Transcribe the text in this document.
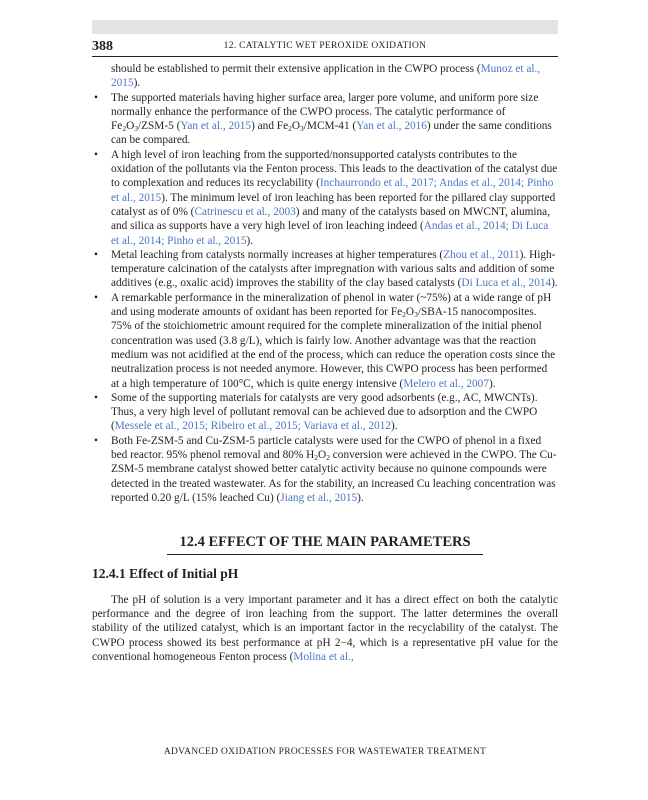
388	12. CATALYTIC WET PEROXIDE OXIDATION

should be established to permit their extensive application in the CWPO process (Munoz et al., 2015).

• The supported materials having higher surface area, larger pore volume, and uniform pore size normally enhance the performance of the CWPO process. The catalytic performance of $Fe_2O_3/ZSM-5$ (Yan et al., 2015) and $Fe_2O_3/MCM-41$ (Yan et al., 2016) under the same conditions can be compared.
• A high level of iron leaching from the supported/nonsupported catalysts contributes to the oxidation of the pollutants via the Fenton process. This leads to the deactivation of the catalyst due to complexation and reduces its recyclability (Inchaurrondo et al., 2017; Andas et al., 2014; Pinho et al., 2015). The minimum level of iron leaching has been reported for the pillared clay supported catalyst as of 0% (Catrinescu et al., 2003) and many of the catalysts based on MWCNT, alumina, and silica as supports have a very high level of iron leaching indeed (Andas et al., 2014; Di Luca et al., 2014; Pinho et al., 2015).
• Metal leaching from catalysts normally increases at higher temperatures (Zhou et al., 2011). High-temperature calcination of the catalysts after impregnation with various salts and addition of some additives (e.g., oxalic acid) improves the stability of the clay based catalysts (Di Luca et al., 2014).
• A remarkable performance in the mineralization of phenol in water (~75%) at a wide range of pH and using moderate amounts of oxidant has been reported for $Fe_2O_3/SBA-15$ nanocomposites. 75% of the stoichiometric amount required for the complete mineralization of the initial phenol concentration was used (3.8 g/L), which is fairly low. Another advantage was that the reaction medium was not acidified at the end of the process, which can reduce the operation costs since the neutralization process is not needed anymore. However, this CWPO process has been performed at a high temperature of 100°C, which is quite energy intensive (Melero et al., 2007).
• Some of the supporting materials for catalysts are very good adsorbents (e.g., AC, MWCNTs). Thus, a very high level of pollutant removal can be achieved due to adsorption and the CWPO (Messele et al., 2015; Ribeiro et al., 2015; Variava et al., 2012).
• Both Fe-ZSM-5 and Cu-ZSM-5 particle catalysts were used for the CWPO of phenol in a fixed bed reactor. 95% phenol removal and 80% $H_2O_2$ conversion were achieved in the CWPO. The Cu-ZSM-5 membrane catalyst showed better catalytic activity because no quinone compounds were detected in the treated wastewater. As for the stability, an increased Cu leaching concentration was reported 0.20 g/L (15% leached Cu) (Jiang et al., 2015).
12.4 EFFECT OF THE MAIN PARAMETERS
12.4.1 Effect of Initial pH

The pH of solution is a very important parameter and it has a direct effect on both the catalytic performance and the degree of iron leaching from the support. The latter determines the overall stability of the utilized catalyst, which is an important factor in the recyclability of the catalyst. The CWPO process showed its best performance at pH 2−4, which is a representative pH value for the conventional homogeneous Fenton process (Molina et al.,

ADVANCED OXIDATION PROCESSES FOR WASTEWATER TREATMENT
